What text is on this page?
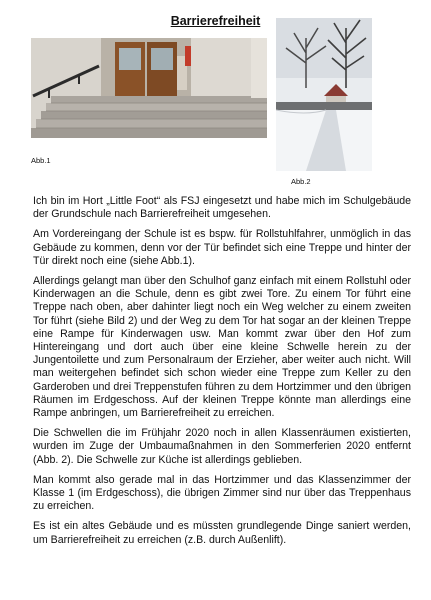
Barrierefreiheit
Abb.1
Abb.2

Ich bin im Hort „Little Foot“ als FSJ eingesetzt und habe mich im Schulgebäude der Grundschule nach Barrierefreiheit umgesehen.

Am Vordereingang der Schule ist es bspw. für Rollstuhlfahrer, unmöglich in das Gebäude zu kommen, denn vor der Tür befindet sich eine Treppe und hinter der Tür direkt noch eine (siehe Abb.1).

Allerdings gelangt man über den Schulhof ganz einfach mit einem Rollstuhl oder Kinderwagen an die Schule, denn es gibt zwei Tore. Zu einem Tor führt eine Treppe nach oben, aber dahinter liegt noch ein Weg welcher zu einem zweiten Tor führt (siehe Bild 2) und der Weg zu dem Tor hat sogar an der kleinen Treppe eine Rampe für Kinderwagen usw. Man kommt zwar über den Hof zum Hintereingang und dort auch über eine kleine Schwelle herein zu der Jungentoilette und zum Personalraum der Erzieher, aber weiter auch nicht. Will man weitergehen befindet sich schon wieder eine Treppe zum Keller zu den Garderoben und drei Treppenstufen führen zu dem Hortzimmer und den übrigen Räumen im Erdgeschoss. Auf der kleinen Treppe könnte man allerdings eine Rampe anbringen, um Barrierefreiheit zu erreichen.

Die Schwellen die im Frühjahr 2020 noch in allen Klassenräumen existierten, wurden im Zuge der Umbaumaßnahmen in den Sommerferien 2020 entfernt (Abb. 2). Die Schwelle zur Küche ist allerdings geblieben.

Man kommt also gerade mal in das Hortzimmer und das Klassenzimmer der Klasse 1 (im Erdgeschoss), die übrigen Zimmer sind nur über das Treppenhaus zu erreichen.

Es ist ein altes Gebäude und es müssten grundlegende Dinge saniert werden, um Barrierefreiheit zu erreichen (z.B. durch Außenlift).
